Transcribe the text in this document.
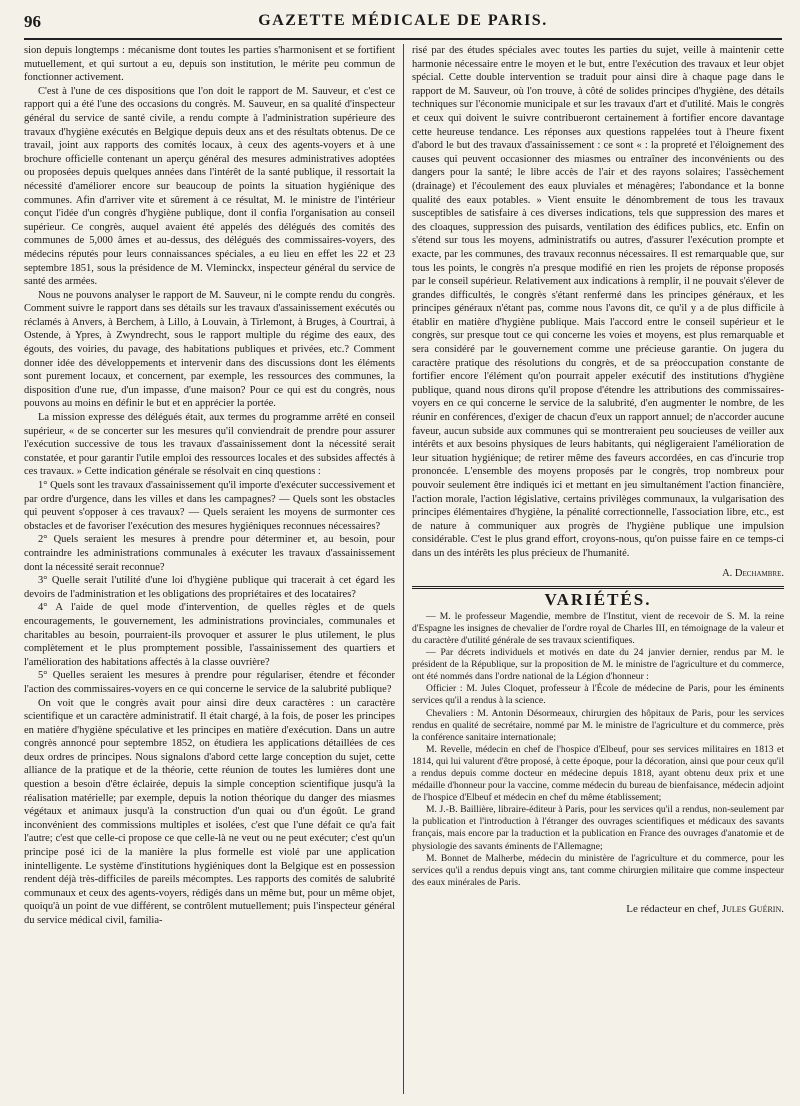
96	GAZETTE MÉDICALE DE PARIS.

sion depuis longtemps : mécanisme dont toutes les parties s'harmonisent et se fortifient mutuellement, et qui surtout a eu, depuis son institution, le mérite peu commun de fonctionner activement.

C'est à l'une de ces dispositions que l'on doit le rapport de M. Sauveur, et c'est ce rapport qui a été l'une des occasions du congrès. M. Sauveur, en sa qualité d'inspecteur général du service de santé civile, a rendu compte à l'administration supérieure des travaux d'hygiène exécutés en Belgique depuis deux ans et des résultats obtenus. De ce travail, joint aux rapports des comités locaux, à ceux des agents-voyers et à une brochure officielle contenant un aperçu général des mesures administratives adoptées ou proposées depuis quelques années dans l'intérêt de la santé publique, il ressortait la nécessité d'améliorer encore sur beaucoup de points la situation hygiénique des communes. Afin d'arriver vite et sûrement à ce résultat, M. le ministre de l'intérieur conçut l'idée d'un congrès d'hygiène publique, dont il confia l'organisation au conseil supérieur. Ce congrès, auquel avaient été appelés des délégués des comités des communes de 5,000 âmes et au-dessus, des délégués des commissaires-voyers, des médecins réputés pour leurs connaissances spéciales, a eu lieu en effet les 22 et 23 septembre 1851, sous la présidence de M. Vleminckx, inspecteur général du service de santé des armées.

Nous ne pouvons analyser le rapport de M. Sauveur, ni le compte rendu du congrès. Comment suivre le rapport dans ses détails sur les travaux d'assainissement exécutés ou réclamés à Anvers, à Berchem, à Lillo, à Louvain, à Tirlemont, à Bruges, à Courtrai, à Ostende, à Ypres, à Zwyndrecht, sous le rapport multiple du régime des eaux, des égouts, des voiries, du pavage, des habitations publiques et privées, etc.? Comment donner idée des développements et intervenir dans des discussions dont les éléments sont purement locaux, et concernent, par exemple, les ressources des communes, la disposition d'une rue, d'un impasse, d'une maison? Pour ce qui est du congrès, nous pouvons au moins en définir le but et en apprécier la portée.

La mission expresse des délégués était, aux termes du programme arrêté en conseil supérieur, « de se concerter sur les mesures qu'il conviendrait de prendre pour assurer l'exécution successive de tous les travaux d'assainissement dont la nécessité serait constatée, et pour garantir l'utile emploi des ressources locales et des subsides affectés à ces travaux. » Cette indication générale se résolvait en cinq questions :

1° Quels sont les travaux d'assainissement qu'il importe d'exécuter successivement et par ordre d'urgence, dans les villes et dans les campagnes? — Quels sont les obstacles qui peuvent s'opposer à ces travaux? — Quels seraient les moyens de surmonter ces obstacles et de favoriser l'exécution des mesures hygiéniques reconnues nécessaires?

2° Quels seraient les mesures à prendre pour déterminer et, au besoin, pour contraindre les administrations communales à exécuter les travaux d'assainissement dont la nécessité serait reconnue?

3° Quelle serait l'utilité d'une loi d'hygiène publique qui tracerait à cet égard les devoirs de l'administration et les obligations des propriétaires et des locataires?

4° A l'aide de quel mode d'intervention, de quelles règles et de quels encouragements, le gouvernement, les administrations provinciales, communales et charitables au besoin, pourraient-ils provoquer et assurer le plus utilement, le plus complètement et le plus promptement possible, l'assainissement des quartiers et l'amélioration des habitations affectés à la classe ouvrière?

5° Quelles seraient les mesures à prendre pour régulariser, étendre et féconder l'action des commissaires-voyers en ce qui concerne le service de la salubrité publique?

On voit que le congrès avait pour ainsi dire deux caractères : un caractère scientifique et un caractère administratif. Il était chargé, à la fois, de poser les principes en matière d'hygiène spéculative et les principes en matière d'exécution. Dans un autre congrès annoncé pour septembre 1852, on étudiera les applications détaillées de ces deux ordres de principes. Nous signalons d'abord cette large conception du sujet, cette alliance de la pratique et de la théorie, cette réunion de toutes les lumières dont une question a besoin d'être éclairée, depuis la simple conception scientifique jusqu'à la réalisation matérielle; par exemple, depuis la notion théorique du danger des miasmes végétaux et animaux jusqu'à la construction d'un quai ou d'un égoût. Le grand inconvénient des commissions multiples et isolées, c'est que l'une défait ce qu'a fait l'autre; c'est que celle-ci propose ce que celle-là ne veut ou ne peut exécuter; c'est qu'un principe posé ici de la manière la plus formelle est violé par une application inintelligente. Le système d'institutions hygiéniques dont la Belgique est en possession rendent déjà très-difficiles de pareils mécomptes. Les rapports des comités de salubrité communaux et ceux des agents-voyers, rédigés dans un même but, pour un même objet, quoiqu'à un point de vue différent, se contrôlent mutuellement; puis l'inspecteur général du service médical civil, familia-

risé par des études spéciales avec toutes les parties du sujet, veille à maintenir cette harmonie nécessaire entre le moyen et le but, entre l'exécution des travaux et leur objet spécial. Cette double intervention se traduit pour ainsi dire à chaque page dans le rapport de M. Sauveur, où l'on trouve, à côté de solides principes d'hygiène, des détails techniques sur l'économie municipale et sur les travaux d'art et d'utilité. Mais le congrès et ceux qui doivent le suivre contribueront certainement à fortifier encore davantage cette heureuse tendance. Les réponses aux questions rappelées tout à l'heure fixent d'abord le but des travaux d'assainissement : ce sont « : la propreté et l'éloignement des causes qui peuvent occasionner des miasmes ou entraîner des inconvénients ou des dangers pour la santé; le libre accès de l'air et des rayons solaires; l'assèchement (drainage) et l'écoulement des eaux pluviales et ménagères; l'abondance et la bonne qualité des eaux potables. » Vient ensuite le dénombrement de tous les travaux susceptibles de satisfaire à ces diverses indications, tels que suppression des mares et des cloaques, suppression des puisards, ventilation des édifices publics, etc. Enfin on s'étend sur tous les moyens, administratifs ou autres, d'assurer l'exécution prompte et exacte, par les communes, des travaux reconnus nécessaires. Il est remarquable que, sur tous les points, le congrès n'a presque modifié en rien les projets de réponse proposés par le conseil supérieur. Relativement aux indications à remplir, il ne pouvait s'élever de grandes difficultés, le congrès s'étant renfermé dans les principes généraux, et les principes généraux n'étant pas, comme nous l'avons dit, ce qu'il y a de plus difficile à établir en matière d'hygiène publique. Mais l'accord entre le conseil supérieur et le congrès, sur presque tout ce qui concerne les voies et moyens, est plus remarquable et sera considéré par le gouvernement comme une précieuse garantie. On jugera du caractère pratique des résolutions du congrès, et de sa préoccupation constante de fortifier encore l'élément qu'on pourrait appeler exécutif des institutions d'hygiène publique, quand nous dirons qu'il propose d'étendre les attributions des commissaires-voyers en ce qui concerne le service de la salubrité, d'en augmenter le nombre, de les réunir en conférences, d'exiger de chacun d'eux un rapport annuel; de n'accorder aucune faveur, aucun subside aux communes qui se montreraient peu soucieuses de veiller aux intérêts et aux besoins physiques de leurs habitants, qui négligeraient l'amélioration de leur situation hygiénique; de retirer même des faveurs accordées, en cas d'incurie trop prononcée. L'ensemble des moyens proposés par le congrès, trop nombreux pour pouvoir seulement être indiqués ici et mettant en jeu simultanément l'action financière, l'action morale, l'action législative, certains privilèges communaux, la vulgarisation des principes élémentaires d'hygiène, la pénalité correctionnelle, l'association libre, etc., est de nature à communiquer aux progrès de l'hygiène publique une impulsion considérable. C'est le plus grand effort, croyons-nous, qu'on puisse faire en ce temps-ci dans un des intérêts les plus précieux de l'humanité.

A. Dechambre.
VARIÉTÉS.

— M. le professeur Magendie, membre de l'Institut, vient de recevoir de S. M. la reine d'Espagne les insignes de chevalier de l'ordre royal de Charles III, en témoignage de la valeur et du caractère d'utilité générale de ses travaux scientifiques.

— Par décrets individuels et motivés en date du 24 janvier dernier, rendus par M. le président de la République, sur la proposition de M. le ministre de l'agriculture et du commerce, ont été nommés dans l'ordre national de la Légion d'honneur :

Officier : M. Jules Cloquet, professeur à l'École de médecine de Paris, pour les éminents services qu'il a rendus à la science.

Chevaliers : M. Antonin Désormeaux, chirurgien des hôpitaux de Paris, pour les services rendus en qualité de secrétaire, nommé par M. le ministre de l'agriculture et du commerce, près la conférence sanitaire internationale;

M. Revelle, médecin en chef de l'hospice d'Elbeuf, pour ses services militaires en 1813 et 1814, qui lui valurent d'être proposé, à cette époque, pour la décoration, ainsi que pour ceux qu'il a rendus depuis comme docteur en médecine depuis 1818, ayant obtenu deux prix et une médaille d'honneur pour la vaccine, comme médecin du bureau de bienfaisance, médecin adjoint de l'hospice d'Elbeuf et médecin en chef du même établissement;

M. J.-B. Baillière, libraire-éditeur à Paris, pour les services qu'il a rendus, non-seulement par la publication et l'introduction à l'étranger des ouvrages scientifiques et médicaux des savants français, mais encore par la traduction et la publication en France des ouvrages d'anatomie et de physiologie des savants éminents de l'Allemagne;

M. Bonnet de Malherbe, médecin du ministère de l'agriculture et du commerce, pour les services qu'il a rendus depuis vingt ans, tant comme chirurgien militaire que comme inspecteur des eaux minérales de Paris.

Le rédacteur en chef, Jules Guérin.
